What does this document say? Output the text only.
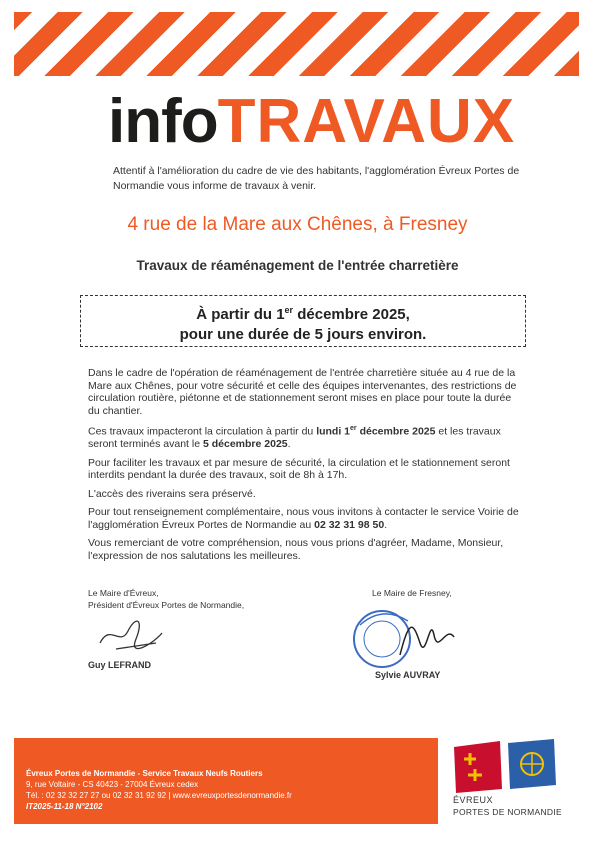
infoTRAVAUX
Attentif à l'amélioration du cadre de vie des habitants, l'agglomération Évreux Portes de Normandie vous informe de travaux à venir.
4 rue de la Mare aux Chênes, à Fresney
Travaux de réaménagement de l'entrée charretière
À partir du 1er décembre 2025,
pour une durée de 5 jours environ.

Dans le cadre de l'opération de réaménagement de l'entrée charretière située au 4 rue de la Mare aux Chênes, pour votre sécurité et celle des équipes intervenantes, des restrictions de circulation routière, piétonne et de stationnement seront mises en place pour toute la durée du chantier.

Ces travaux impacteront la circulation à partir du lundi 1er décembre 2025 et les travaux seront terminés avant le 5 décembre 2025.

Pour faciliter les travaux et par mesure de sécurité, la circulation et le stationnement seront interdits pendant la durée des travaux, soit de 8h à 17h.

L'accès des riverains sera préservé.

Pour tout renseignement complémentaire, nous vous invitons à contacter le service Voirie de l'agglomération Évreux Portes de Normandie au 02 32 31 98 50.

Vous remerciant de votre compréhension, nous vous prions d'agréer, Madame, Monsieur, l'expression de nos salutations les meilleures.

Le Maire d'Évreux,
Président d'Évreux Portes de Normandie,
Guy LEFRAND
Le Maire de Fresney,
Sylvie AUVRAY
Évreux Portes de Normandie - Service Travaux Neufs Routiers
9, rue Voltaire - CS 40423 - 27004 Évreux cedex
Tél. : 02 32 32 27 27 ou 02 32 31 92 92 | www.evreuxportesdenormandie.fr
IT2025-11-18 N°2102
ÉVREUX
PORTES DE NORMANDIE
